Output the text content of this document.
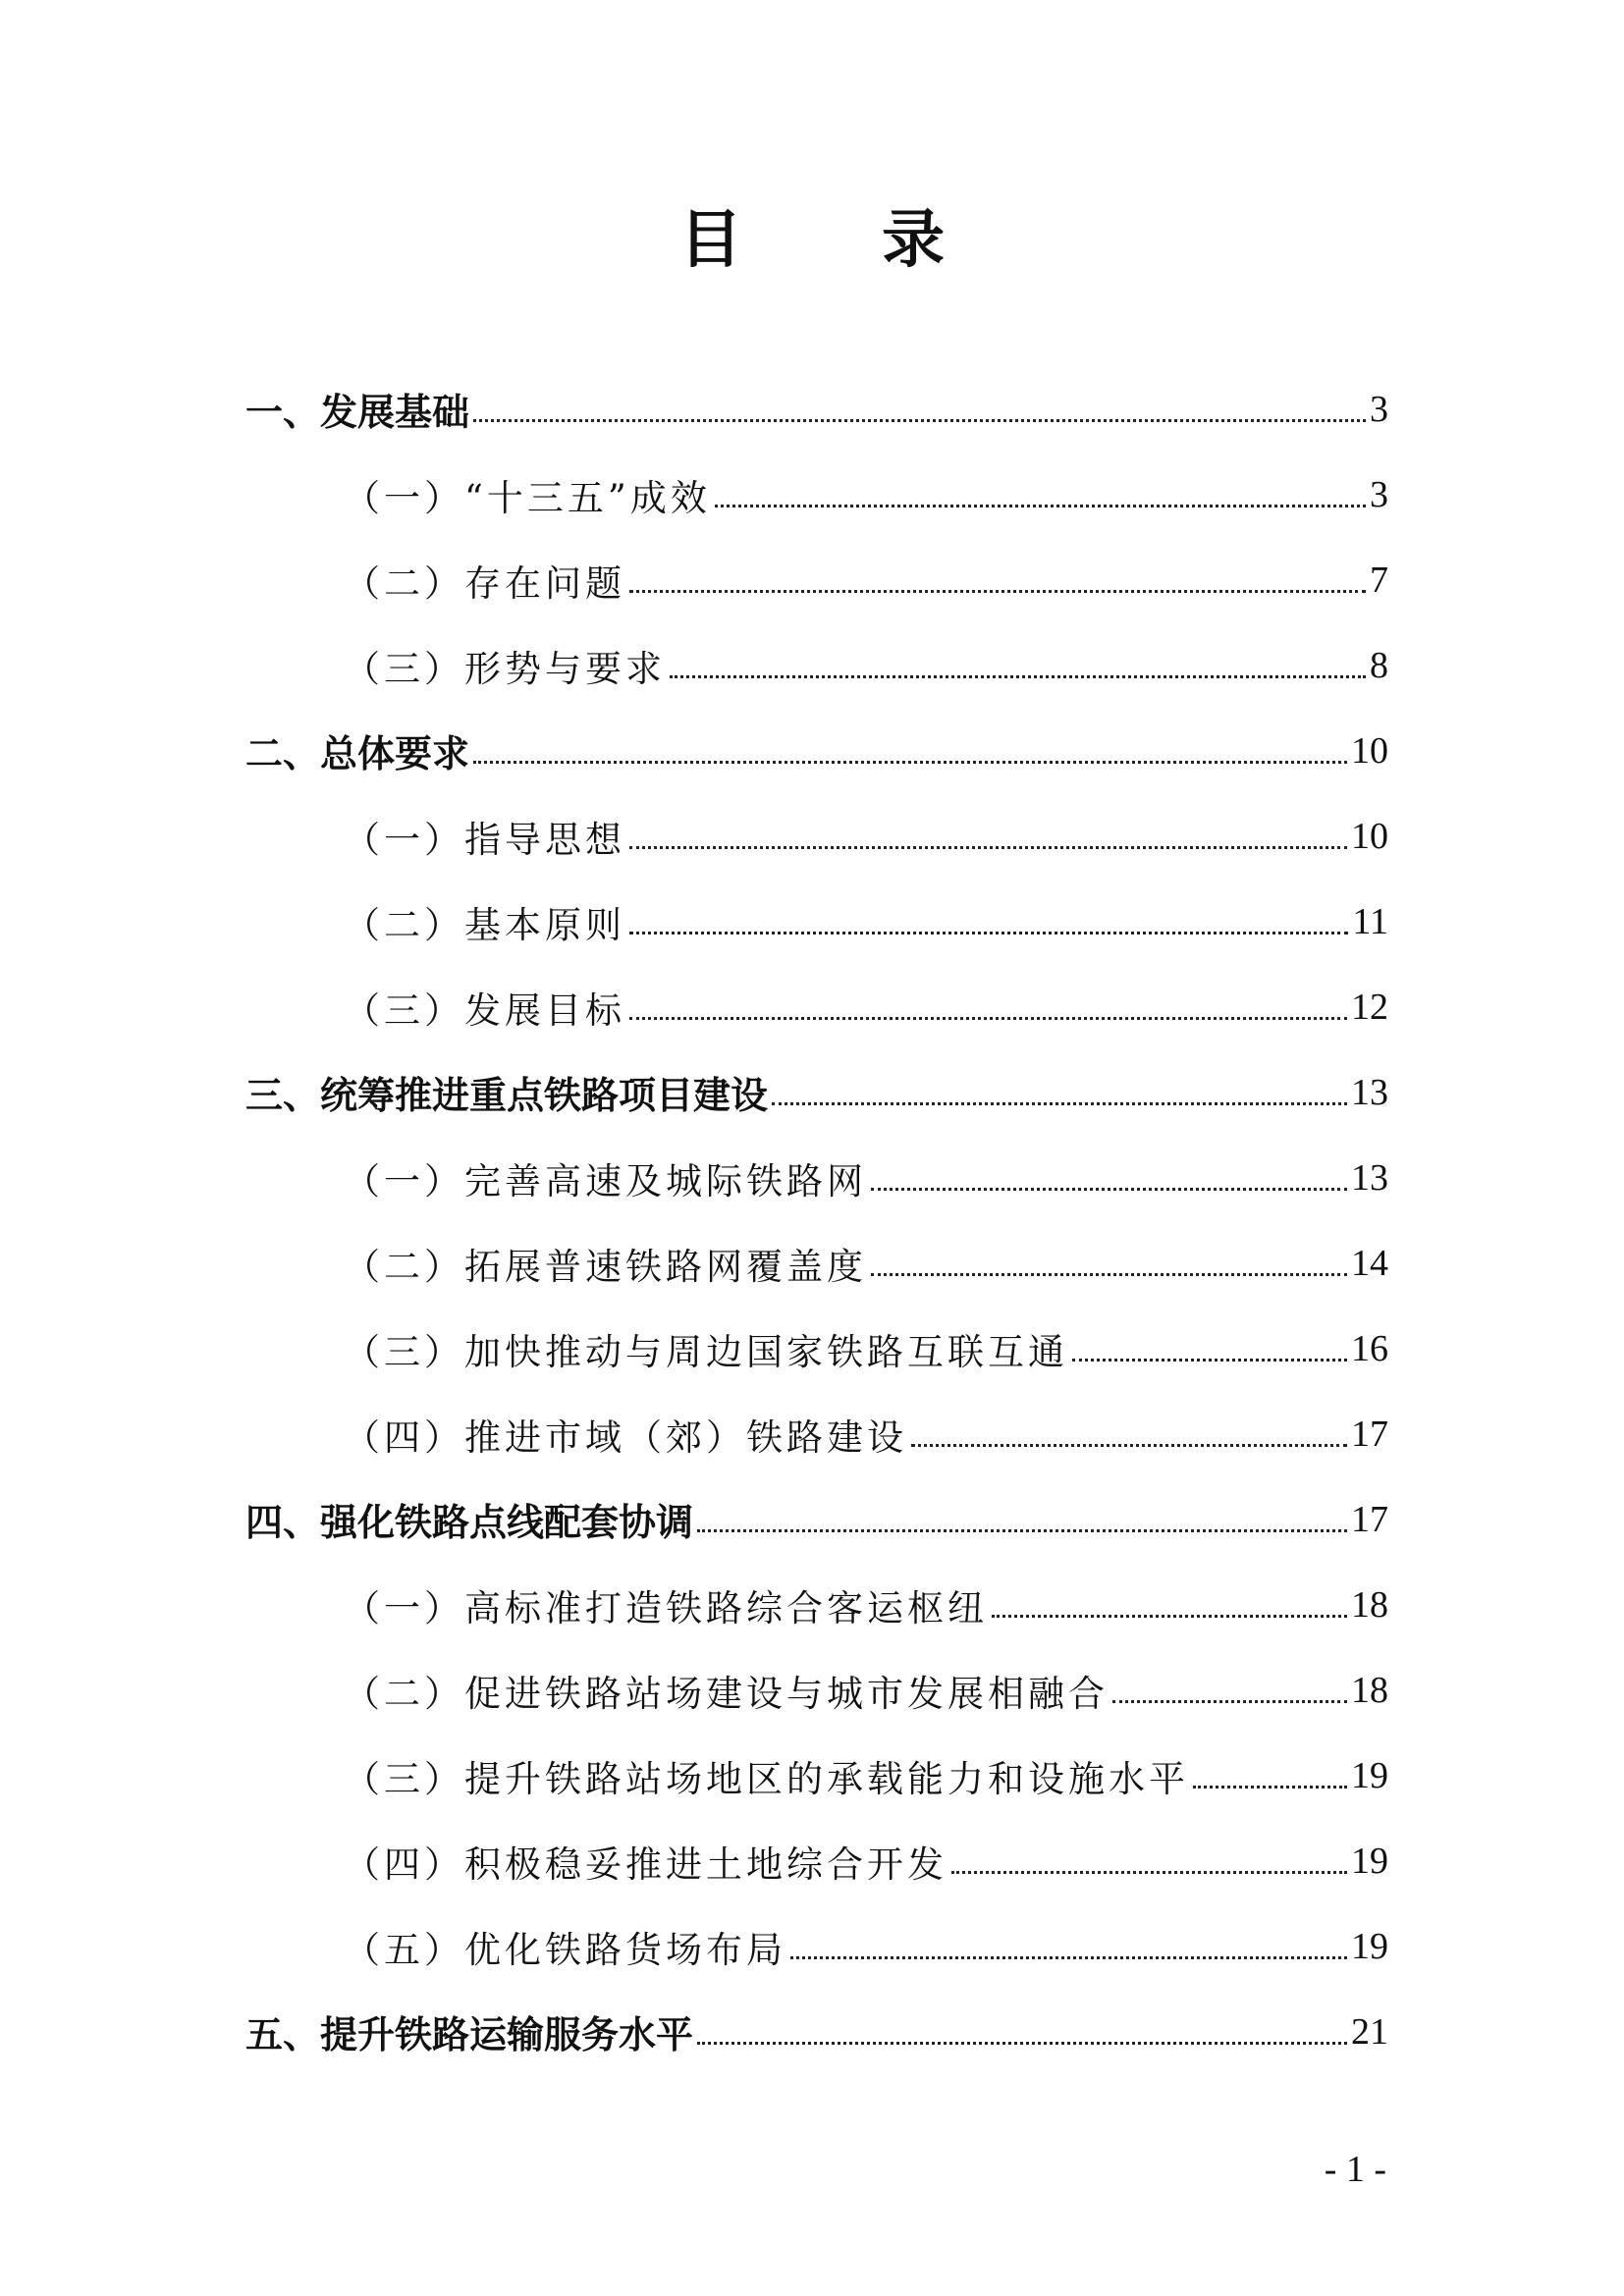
目 录
一、发展基础	3
（一）“十三五”成效	3
（二）存在问题	7
（三）形势与要求	8
二、总体要求	10
（一）指导思想	10
（二）基本原则	11
（三）发展目标	12
三、统筹推进重点铁路项目建设	13
（一）完善高速及城际铁路网	13
（二）拓展普速铁路网覆盖度	14
（三）加快推动与周边国家铁路互联互通	16
（四）推进市域（郊）铁路建设	17
四、强化铁路点线配套协调	17
（一）高标准打造铁路综合客运枢纽	18
（二）促进铁路站场建设与城市发展相融合	18
（三）提升铁路站场地区的承载能力和设施水平	19
（四）积极稳妥推进土地综合开发	19
（五）优化铁路货场布局	19
五、提升铁路运输服务水平	21
- 1 -
